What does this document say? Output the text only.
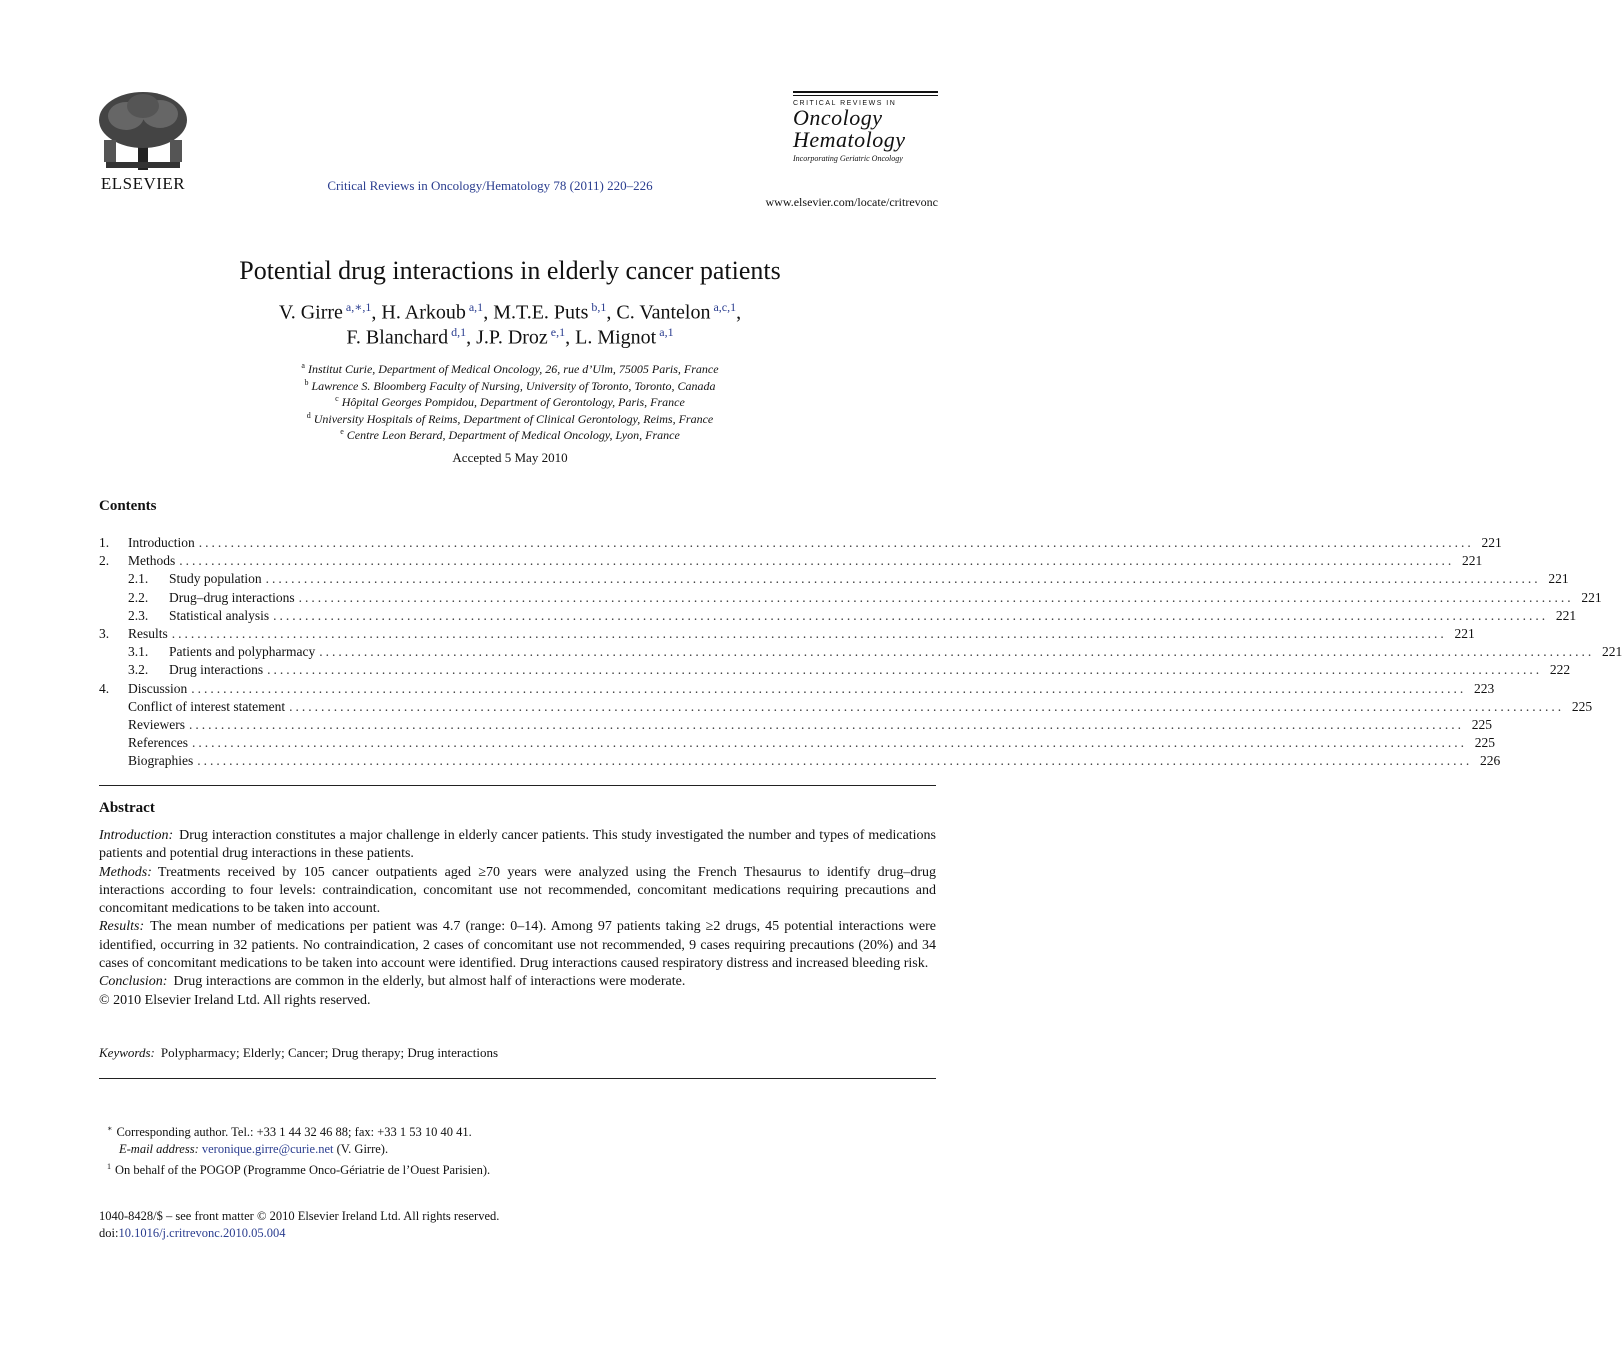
ELSEVIER	Critical Reviews in Oncology/Hematology 78 (2011) 220–226
CRITICAL REVIEWS IN
Oncology
Hematology
Incorporating Geriatric Oncology
www.elsevier.com/locate/critrevonc
Potential drug interactions in elderly cancer patients
V. Girre $^{a,∗,1}$, H. Arkoub $^{a,1}$, M.T.E. Puts $^{b,1}$, C. Vantelon $^{a,c,1}$,
F. Blanchard $^{d,1}$, J.P. Droz $^{e,1}$, L. Mignot $^{a,1}$
$^a$ Institut Curie, Department of Medical Oncology, 26, rue d’Ulm, 75005 Paris, France
$^b$ Lawrence S. Bloomberg Faculty of Nursing, University of Toronto, Toronto, Canada
$^c$ Hôpital Georges Pompidou, Department of Gerontology, Paris, France
$^d$ University Hospitals of Reims, Department of Clinical Gerontology, Reims, France
$^e$ Centre Leon Berard, Department of Medical Oncology, Lyon, France
Accepted 5 May 2010
Contents
1.	Introduction ........................................................................................................................................................................................................ 221
2.	Methods ........................................................................................................................................................................................................ 221
2.1.	Study population ........................................................................................................................................................................................................ 221
2.2.	Drug–drug interactions ........................................................................................................................................................................................................ 221
2.3.	Statistical analysis ........................................................................................................................................................................................................ 221
3.	Results ........................................................................................................................................................................................................ 221
3.1.	Patients and polypharmacy ........................................................................................................................................................................................................ 221
3.2.	Drug interactions ........................................................................................................................................................................................................ 222
4.	Discussion ........................................................................................................................................................................................................ 223
Conflict of interest statement ........................................................................................................................................................................................................ 225
Reviewers ........................................................................................................................................................................................................ 225
References ........................................................................................................................................................................................................ 225
Biographies ........................................................................................................................................................................................................ 226
Abstract

Introduction: Drug interaction constitutes a major challenge in elderly cancer patients. This study investigated the number and types of medications patients and potential drug interactions in these patients.

Methods: Treatments received by 105 cancer outpatients aged ≥70 years were analyzed using the French Thesaurus to identify drug–drug interactions according to four levels: contraindication, concomitant use not recommended, concomitant medications requiring precautions and concomitant medications to be taken into account.

Results: The mean number of medications per patient was 4.7 (range: 0–14). Among 97 patients taking ≥2 drugs, 45 potential interactions were identified, occurring in 32 patients. No contraindication, 2 cases of concomitant use not recommended, 9 cases requiring precautions (20%) and 34 cases of concomitant medications to be taken into account were identified. Drug interactions caused respiratory distress and increased bleeding risk.

Conclusion: Drug interactions are common in the elderly, but almost half of interactions were moderate.

© 2010 Elsevier Ireland Ltd. All rights reserved.

Keywords: Polypharmacy; Elderly; Cancer; Drug therapy; Drug interactions

∗ Corresponding author. Tel.: +33 1 44 32 46 88; fax: +33 1 53 10 40 41.

E-mail address: veronique.girre@curie.net (V. Girre).

$^1$ On behalf of the POGOP (Programme Onco-Gériatrie de l’Ouest Parisien).

1040-8428/$ – see front matter © 2010 Elsevier Ireland Ltd. All rights reserved.
doi:10.1016/j.critrevonc.2010.05.004
